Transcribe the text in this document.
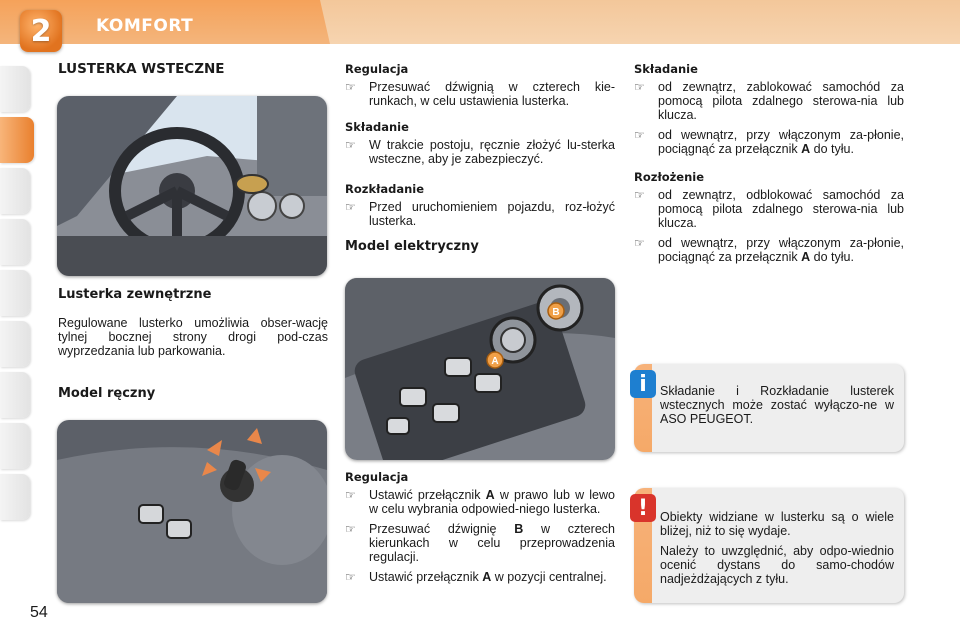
2	KOMFORT
54
LUSTERKA WSTECZNE
Lusterka zewnętrzne

Regulowane lusterko umożliwia obser-wację tylnej bocznej strony drogi pod-czas wyprzedzania lub parkowania.

Model ręczny
Regulacja
☞ Przesuwać dźwignią w czterech kie-runkach, w celu ustawienia lusterka.
Składanie
☞ W trakcie postoju, ręcznie złożyć lu-sterka wsteczne, aby je zabezpieczyć.
Rozkładanie
☞ Przed uruchomieniem pojazdu, roz-łożyć lusterka.
Model elektryczny
A
B
Regulacja
☞ Ustawić przełącznik A w prawo lub w lewo w celu wybrania odpowied-niego lusterka.
☞ Przesuwać dźwignię B w czterech kierunkach w celu przeprowadzenia regulacji.
☞ Ustawić przełącznik A w pozycji centralnej.
Składanie
☞ od zewnątrz, zablokować samochód za pomocą pilota zdalnego sterowa-nia lub klucza.
☞ od wewnątrz, przy włączonym za-płonie, pociągnąć za przełącznik A do tyłu.
Rozłożenie
☞ od zewnątrz, odblokować samochód za pomocą pilota zdalnego sterowa-nia lub klucza.
☞ od wewnątrz, przy włączonym za-płonie, pociągnąć za przełącznik A do tyłu.
i	Składanie i Rozkładanie lusterek wstecznych może zostać wyłączo-ne w ASO PEUGEOT.

! Obiekty widziane w lusterku są o wiele bliżej, niż to się wydaje.

Należy to uwzględnić, aby odpo-wiednio ocenić dystans do samo-chodów nadjeżdżających z tyłu.
